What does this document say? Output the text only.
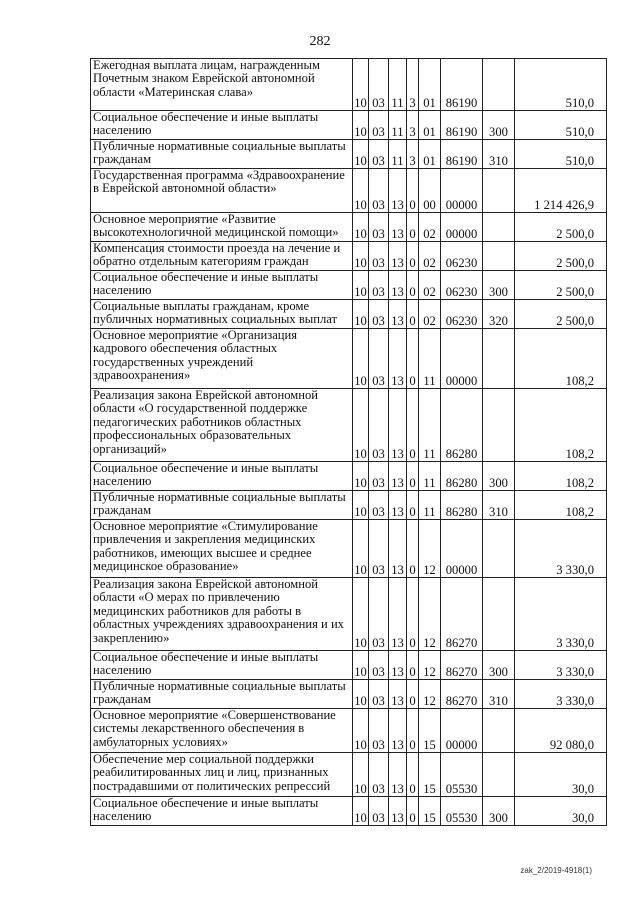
282
Ежегодная выплата лицам, награжденным Почетным знаком Еврейской автономной области «Материнская слава»	10	03	11	3	01	86190		510,0

Социальное обеспечение и иные выплаты населению	10	03	11	3	01	86190	300	510,0

Публичные нормативные социальные выплаты гражданам	10	03	11	3	01	86190	310	510,0

Государственная программа «Здравоохранение в Еврейской автономной области»	10	03	13	0	00	00000		1 214 426,9

Основное мероприятие «Развитие высокотехнологичной медицинской помощи»	10	03	13	0	02	00000		2 500,0

Компенсация стоимости проезда на лечение и обратно отдельным категориям граждан	10	03	13	0	02	06230		2 500,0

Социальное обеспечение и иные выплаты населению	10	03	13	0	02	06230	300	2 500,0

Социальные выплаты гражданам, кроме публичных нормативных социальных выплат	10	03	13	0	02	06230	320	2 500,0

Основное мероприятие «Организация кадрового обеспечения областных государственных учреждений здравоохранения»	10	03	13	0	11	00000		108,2

Реализация закона Еврейской автономной области «О государственной поддержке педагогических работников областных профессиональных образовательных организаций»	10	03	13	0	11	86280		108,2

Социальное обеспечение и иные выплаты населению	10	03	13	0	11	86280	300	108,2

Публичные нормативные социальные выплаты гражданам	10	03	13	0	11	86280	310	108,2

Основное мероприятие «Стимулирование привлечения и закрепления медицинских работников, имеющих высшее и среднее медицинское образование»	10	03	13	0	12	00000		3 330,0

Реализация закона Еврейской автономной области «О мерах по привлечению медицинских работников для работы в областных учреждениях здравоохранения и их закреплению»	10	03	13	0	12	86270		3 330,0

Социальное обеспечение и иные выплаты населению	10	03	13	0	12	86270	300	3 330,0

Публичные нормативные социальные выплаты гражданам	10	03	13	0	12	86270	310	3 330,0

Основное мероприятие «Совершенствование системы лекарственного обеспечения в амбулаторных условиях»	10	03	13	0	15	00000		92 080,0

Обеспечение мер социальной поддержки реабилитированных лиц и лиц, признанных пострадавшими от политических репрессий	10	03	13	0	15	05530		30,0

Социальное обеспечение и иные выплаты населению	10	03	13	0	15	05530	300	30,0
zak_2/2019-4918(1)
